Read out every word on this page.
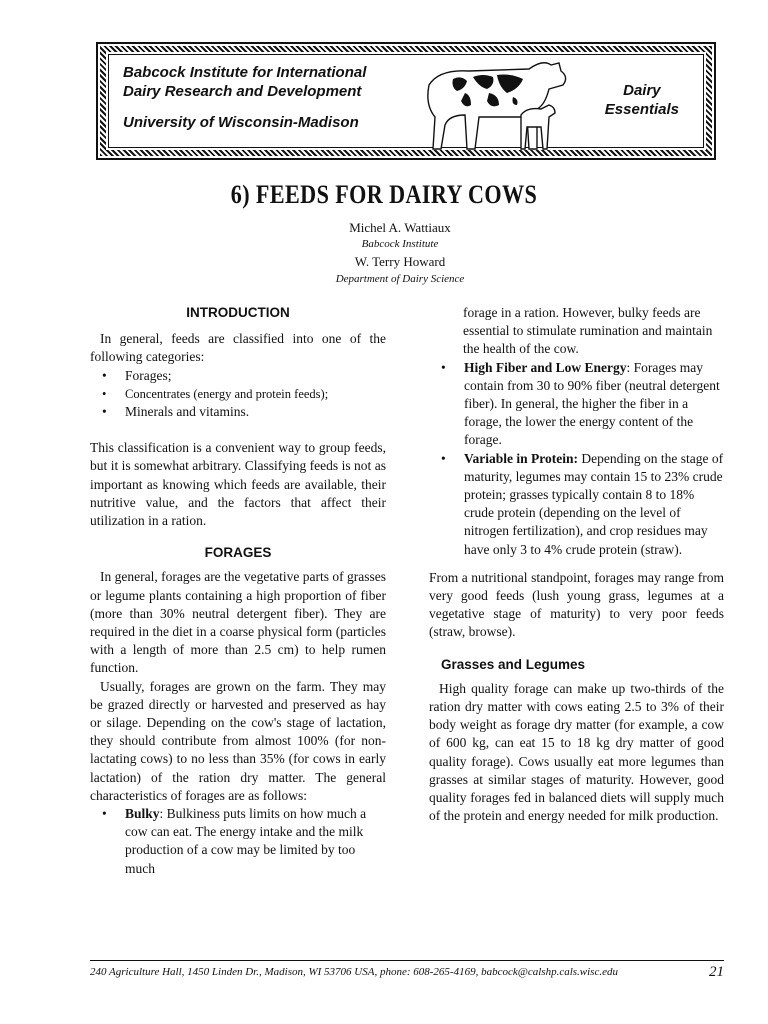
Babcock Institute for International
Dairy Research and Development
University of Wisconsin-Madison
Dairy
Essentials
6) FEEDS FOR DAIRY COWS
Michel A. Wattiaux
Babcock Institute
W. Terry Howard
Department of Dairy Science

INTRODUCTION

In general, feeds are classified into one of the following categories:

• Forages;
• Concentrates (energy and protein feeds);
• Minerals and vitamins.

This classification is a convenient way to group feeds, but it is somewhat arbitrary. Classifying feeds is not as important as knowing which feeds are available, their nutritive value, and the factors that affect their utilization in a ration.

FORAGES

In general, forages are the vegetative parts of grasses or legume plants containing a high proportion of fiber (more than 30% neutral detergent fiber). They are required in the diet in a coarse physical form (particles with a length of more than 2.5 cm) to help rumen function.

Usually, forages are grown on the farm. They may be grazed directly or harvested and preserved as hay or silage. Depending on the cow's stage of lactation, they should contribute from almost 100% (for non-lactating cows) to no less than 35% (for cows in early lactation) of the ration dry matter. The general characteristics of forages are as follows:

• Bulky: Bulkiness puts limits on how much a cow can eat. The energy intake and the milk production of a cow may be limited by too much
forage in a ration. However, bulky feeds are essential to stimulate rumination and maintain the health of the cow.
• High Fiber and Low Energy: Forages may contain from 30 to 90% fiber (neutral detergent fiber). In general, the higher the fiber in a forage, the lower the energy content of the forage.
• Variable in Protein: Depending on the stage of maturity, legumes may contain 15 to 23% crude protein; grasses typically contain 8 to 18% crude protein (depending on the level of nitrogen fertilization), and crop residues may have only 3 to 4% crude protein (straw).

From a nutritional standpoint, forages may range from very good feeds (lush young grass, legumes at a vegetative stage of maturity) to very poor feeds (straw, browse).

Grasses and Legumes

High quality forage can make up two-thirds of the ration dry matter with cows eating 2.5 to 3% of their body weight as forage dry matter (for example, a cow of 600 kg, can eat 15 to 18 kg dry matter of good quality forage). Cows usually eat more legumes than grasses at similar stages of maturity. However, good quality forages fed in balanced diets will supply much of the protein and energy needed for milk production.

240 Agriculture Hall, 1450 Linden Dr., Madison, WI 53706 USA, phone: 608-265-4169, babcock@calshp.cals.wisc.edu	21
